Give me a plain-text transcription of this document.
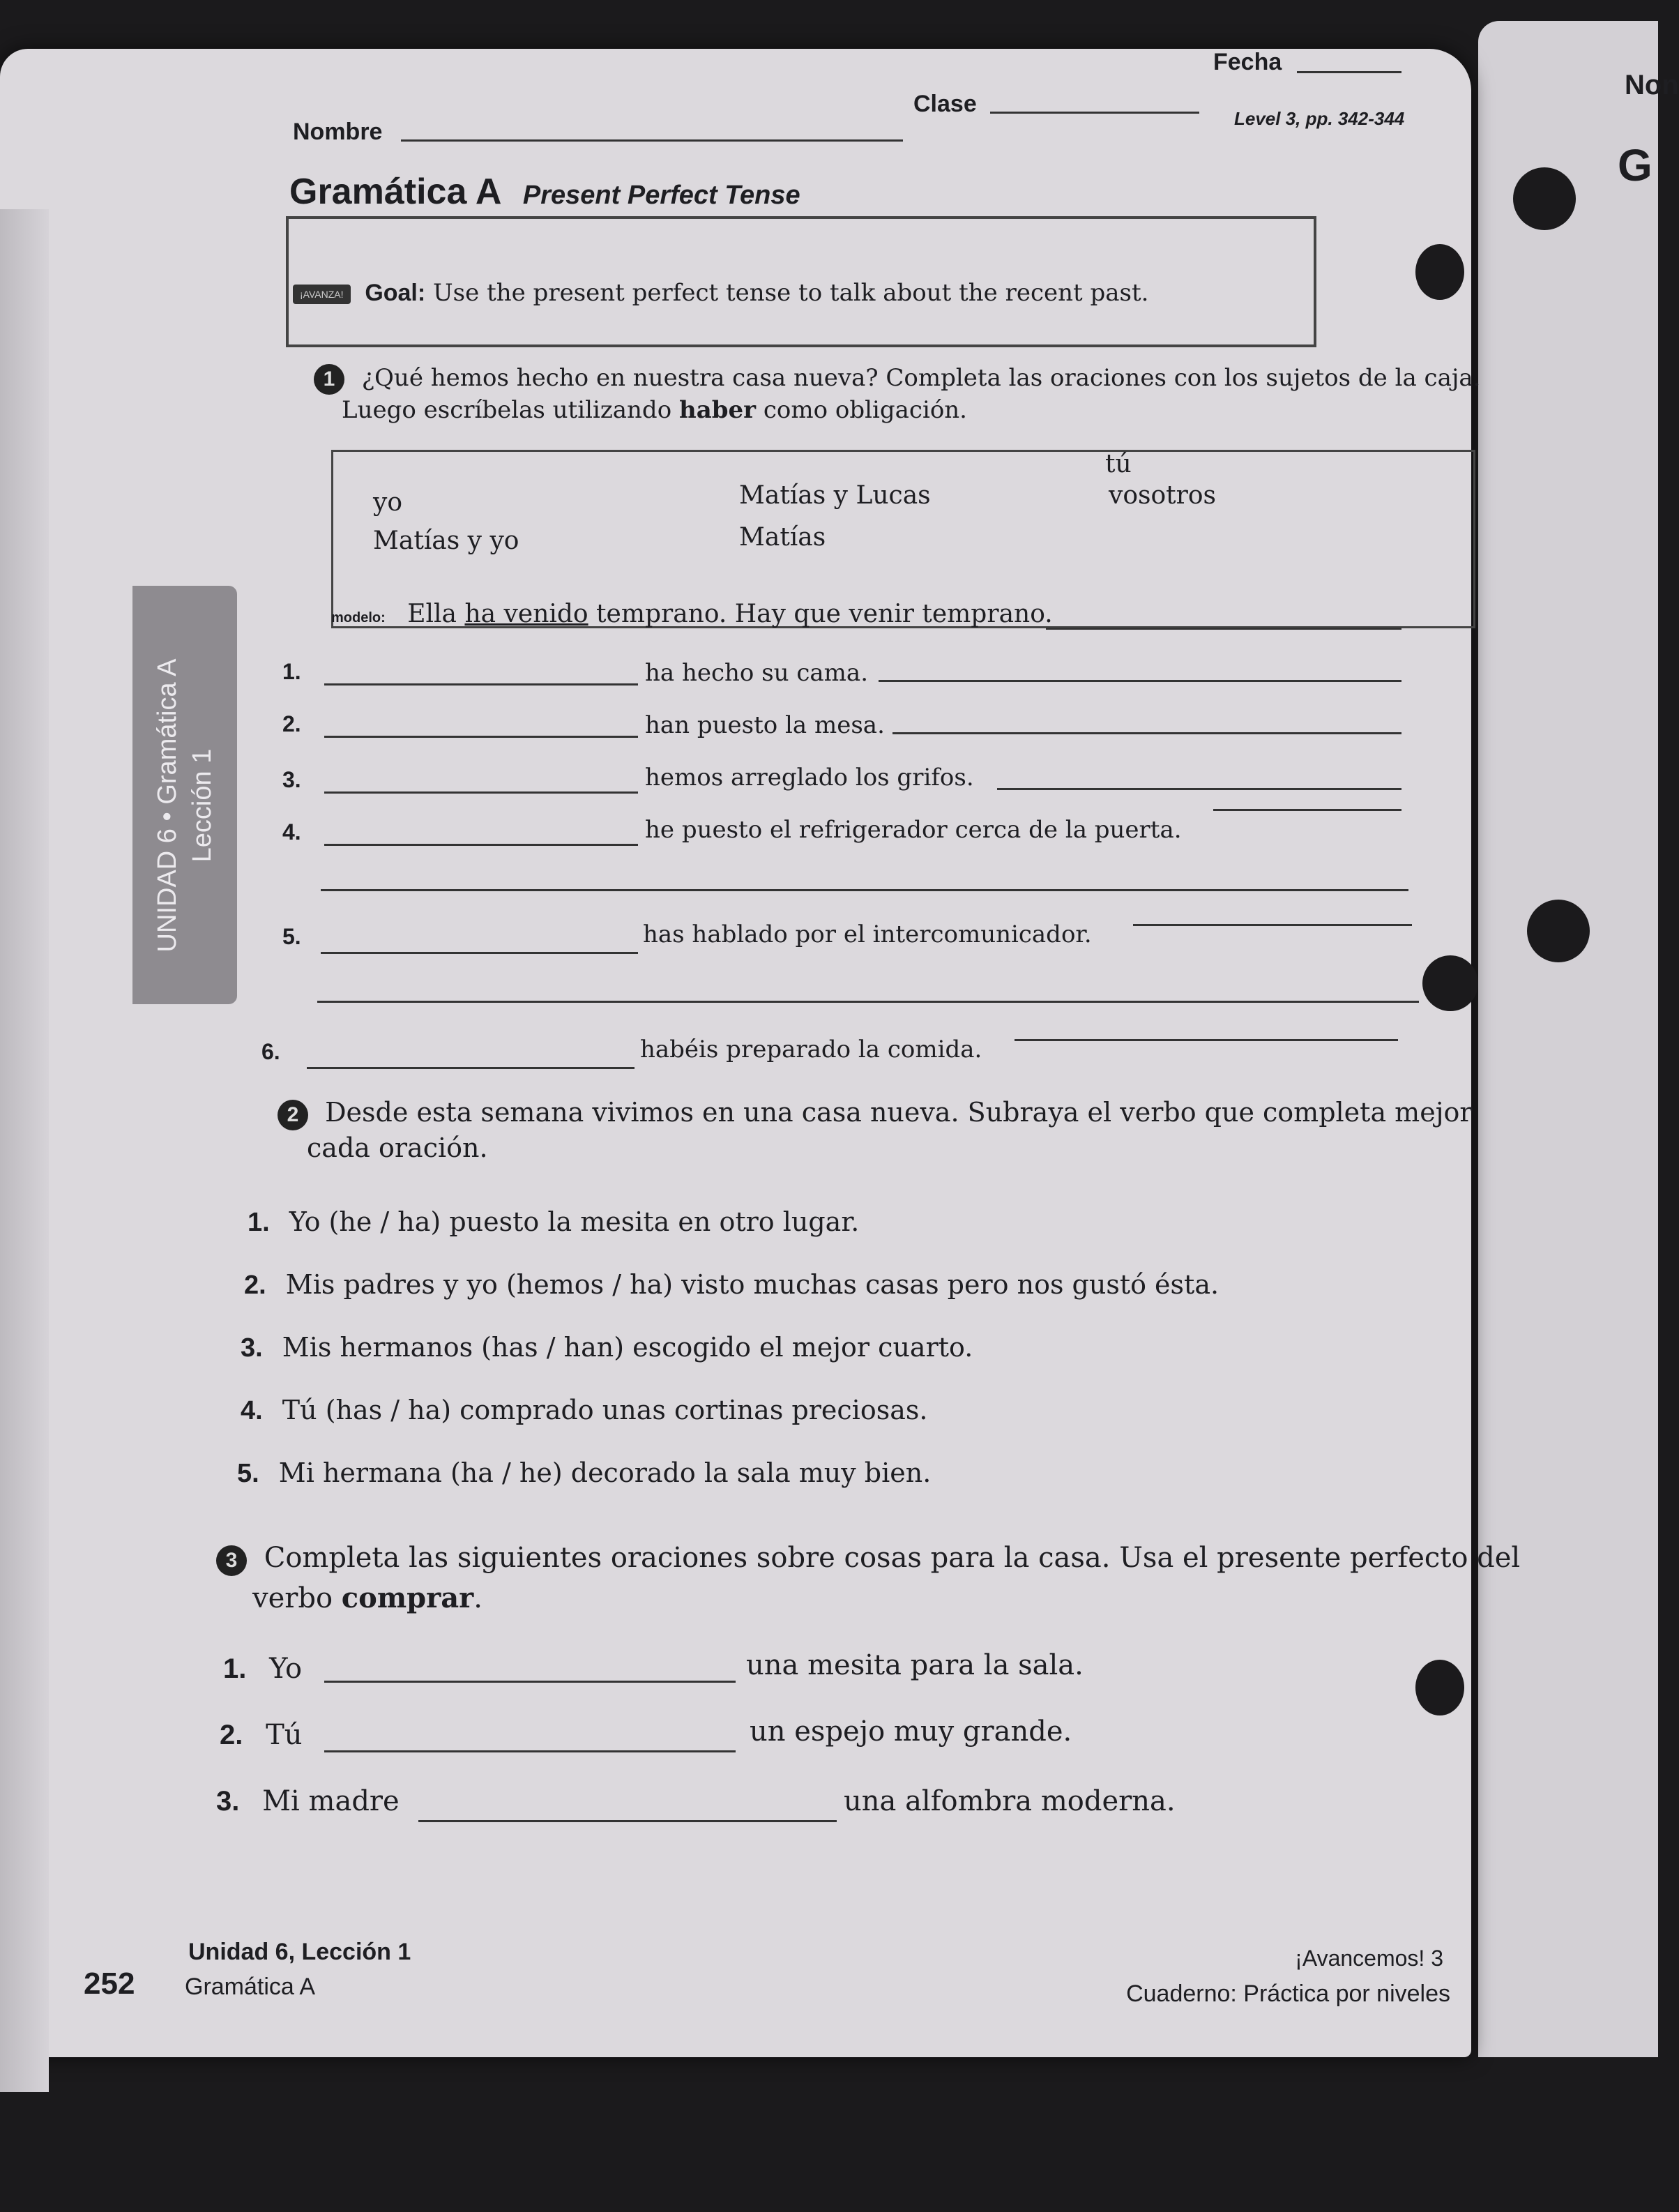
Non
G
Fecha
Clase
Nombre	Level 3, pp. 342-344
Gramática A Present Perfect Tense
¡AVANZA! Goal: Use the present perfect tense to talk about the recent past.
UNIDAD 6 • Gramática A Lección 1
1 ¿Qué hemos hecho en nuestra casa nueva? Completa las oraciones con los sujetos de la caja.
Luego escríbelas utilizando haber como obligación.
yo
Matías y yo
Matías y Lucas
Matías
tú
vosotros
modelo: Ella ha venido temprano. Hay que venir temprano.
1.	ha hecho su cama.
2.	han puesto la mesa.
3.	hemos arreglado los grifos.
4.	he puesto el refrigerador cerca de la puerta.
5.	has hablado por el intercomunicador.
6.	habéis preparado la comida.
2 Desde esta semana vivimos en una casa nueva. Subraya el verbo que completa mejor
cada oración.
1. Yo (he / ha) puesto la mesita en otro lugar.
2. Mis padres y yo (hemos / ha) visto muchas casas pero nos gustó ésta.
3. Mis hermanos (has / han) escogido el mejor cuarto.
4. Tú (has / ha) comprado unas cortinas preciosas.
5. Mi hermana (ha / he) decorado la sala muy bien.
3 Completa las siguientes oraciones sobre cosas para la casa. Usa el presente perfecto del
verbo comprar.
1. Yo	una mesita para la sala.
2. Tú	un espejo muy grande.
3. Mi madre	una alfombra moderna.
Unidad 6, Lección 1
252 Gramática A
¡Avancemos! 3
Cuaderno: Práctica por niveles
